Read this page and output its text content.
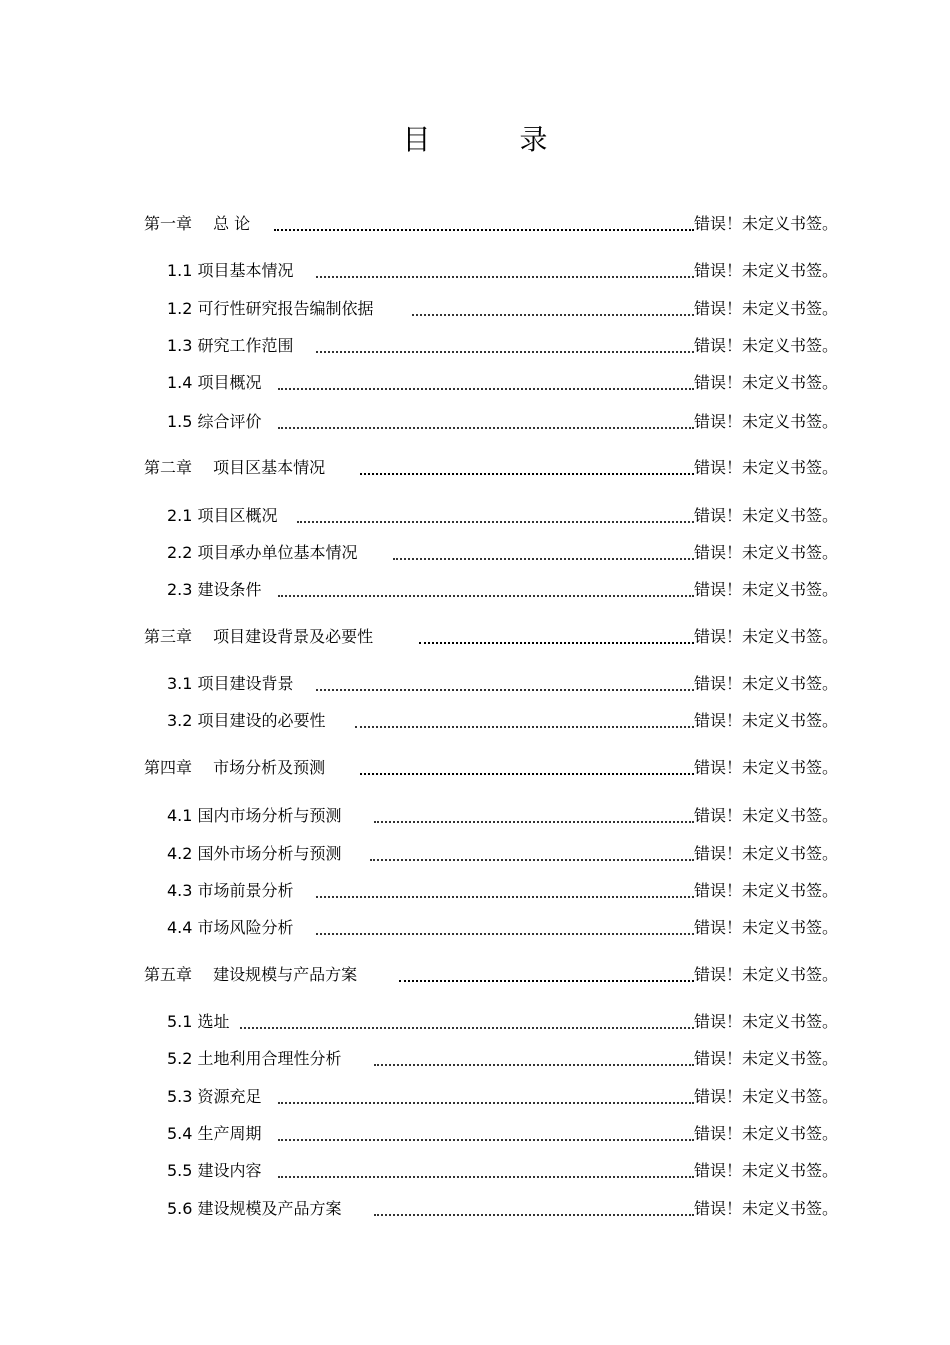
目 录
第一章　 总 论	错误！未定义书签。
1.1 项目基本情况	错误！未定义书签。
1.2 可行性研究报告编制依据	错误！未定义书签。
1.3 研究工作范围	错误！未定义书签。
1.4 项目概况	错误！未定义书签。
1.5 综合评价	错误！未定义书签。
第二章　 项目区基本情况	错误！未定义书签。
2.1 项目区概况	错误！未定义书签。
2.2 项目承办单位基本情况	错误！未定义书签。
2.3 建设条件	错误！未定义书签。
第三章　 项目建设背景及必要性	错误！未定义书签。
3.1 项目建设背景	错误！未定义书签。
3.2 项目建设的必要性	错误！未定义书签。
第四章　 市场分析及预测	错误！未定义书签。
4.1 国内市场分析与预测	错误！未定义书签。
4.2 国外市场分析与预测	错误！未定义书签。
4.3 市场前景分析	错误！未定义书签。
4.4 市场风险分析	错误！未定义书签。
第五章　 建设规模与产品方案	错误！未定义书签。
5.1 选址	错误！未定义书签。
5.2 土地利用合理性分析	错误！未定义书签。
5.3 资源充足	错误！未定义书签。
5.4 生产周期	错误！未定义书签。
5.5 建设内容	错误！未定义书签。
5.6 建设规模及产品方案	错误！未定义书签。
